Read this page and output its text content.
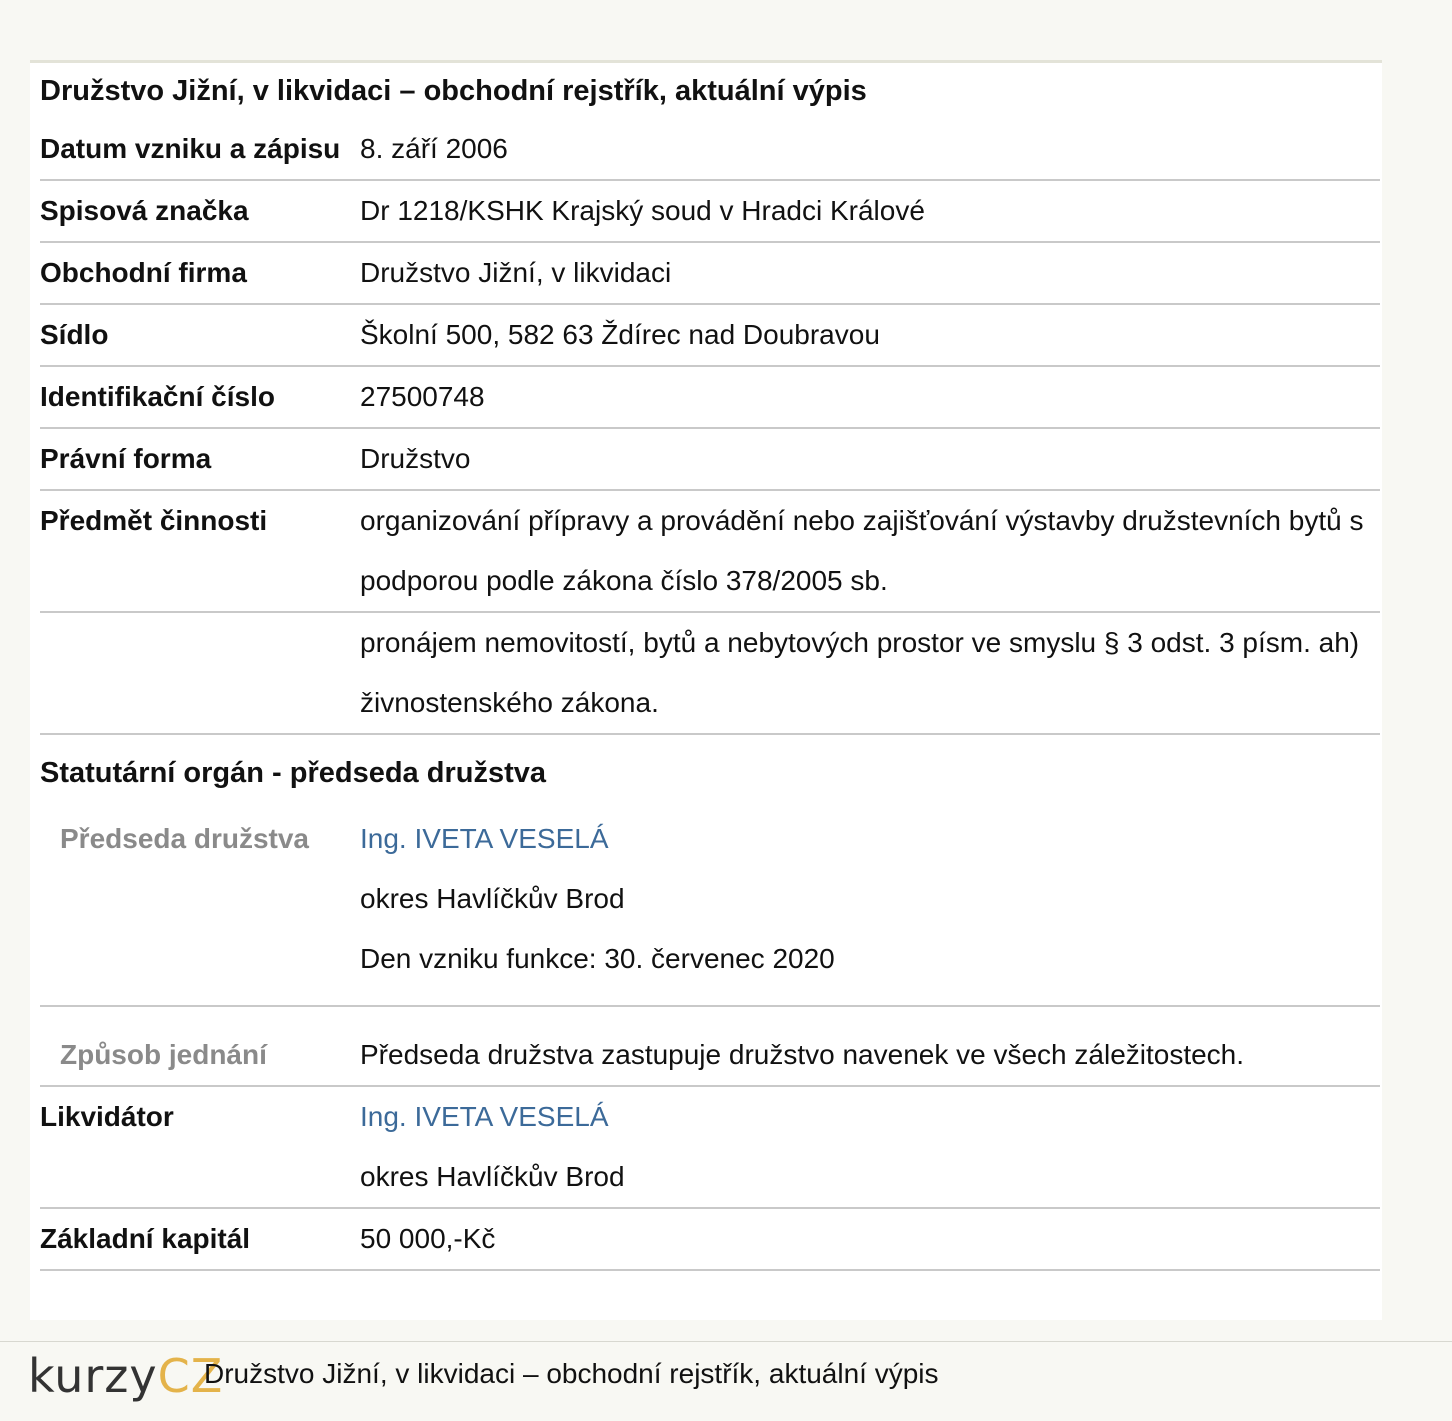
Družstvo Jižní, v likvidaci – obchodní rejstřík, aktuální výpis
Datum vzniku a zápisu 8. září 2006
Spisová značka	Dr 1218/KSHK Krajský soud v Hradci Králové
Obchodní firma	Družstvo Jižní, v likvidaci
Sídlo	Školní 500, 582 63 Ždírec nad Doubravou
Identifikační číslo	27500748
Právní forma	Družstvo
Předmět činnosti	organizování přípravy a provádění nebo zajišťování výstavby družstevních bytů s podporou podle zákona číslo 378/2005 sb.
pronájem nemovitostí, bytů a nebytových prostor ve smyslu § 3 odst. 3 písm. ah) živnostenského zákona.
Statutární orgán - předseda družstva
Předseda družstva	Ing. IVETA VESELÁ
okres Havlíčkův Brod
Den vzniku funkce: 30. červenec 2020
Způsob jednání	Předseda družstva zastupuje družstvo navenek ve všech záležitostech.
Likvidátor	Ing. IVETA VESELÁ
okres Havlíčkův Brod
Základní kapitál	50 000,-Kč
kurzyCZ
Družstvo Jižní, v likvidaci – obchodní rejstřík, aktuální výpis
